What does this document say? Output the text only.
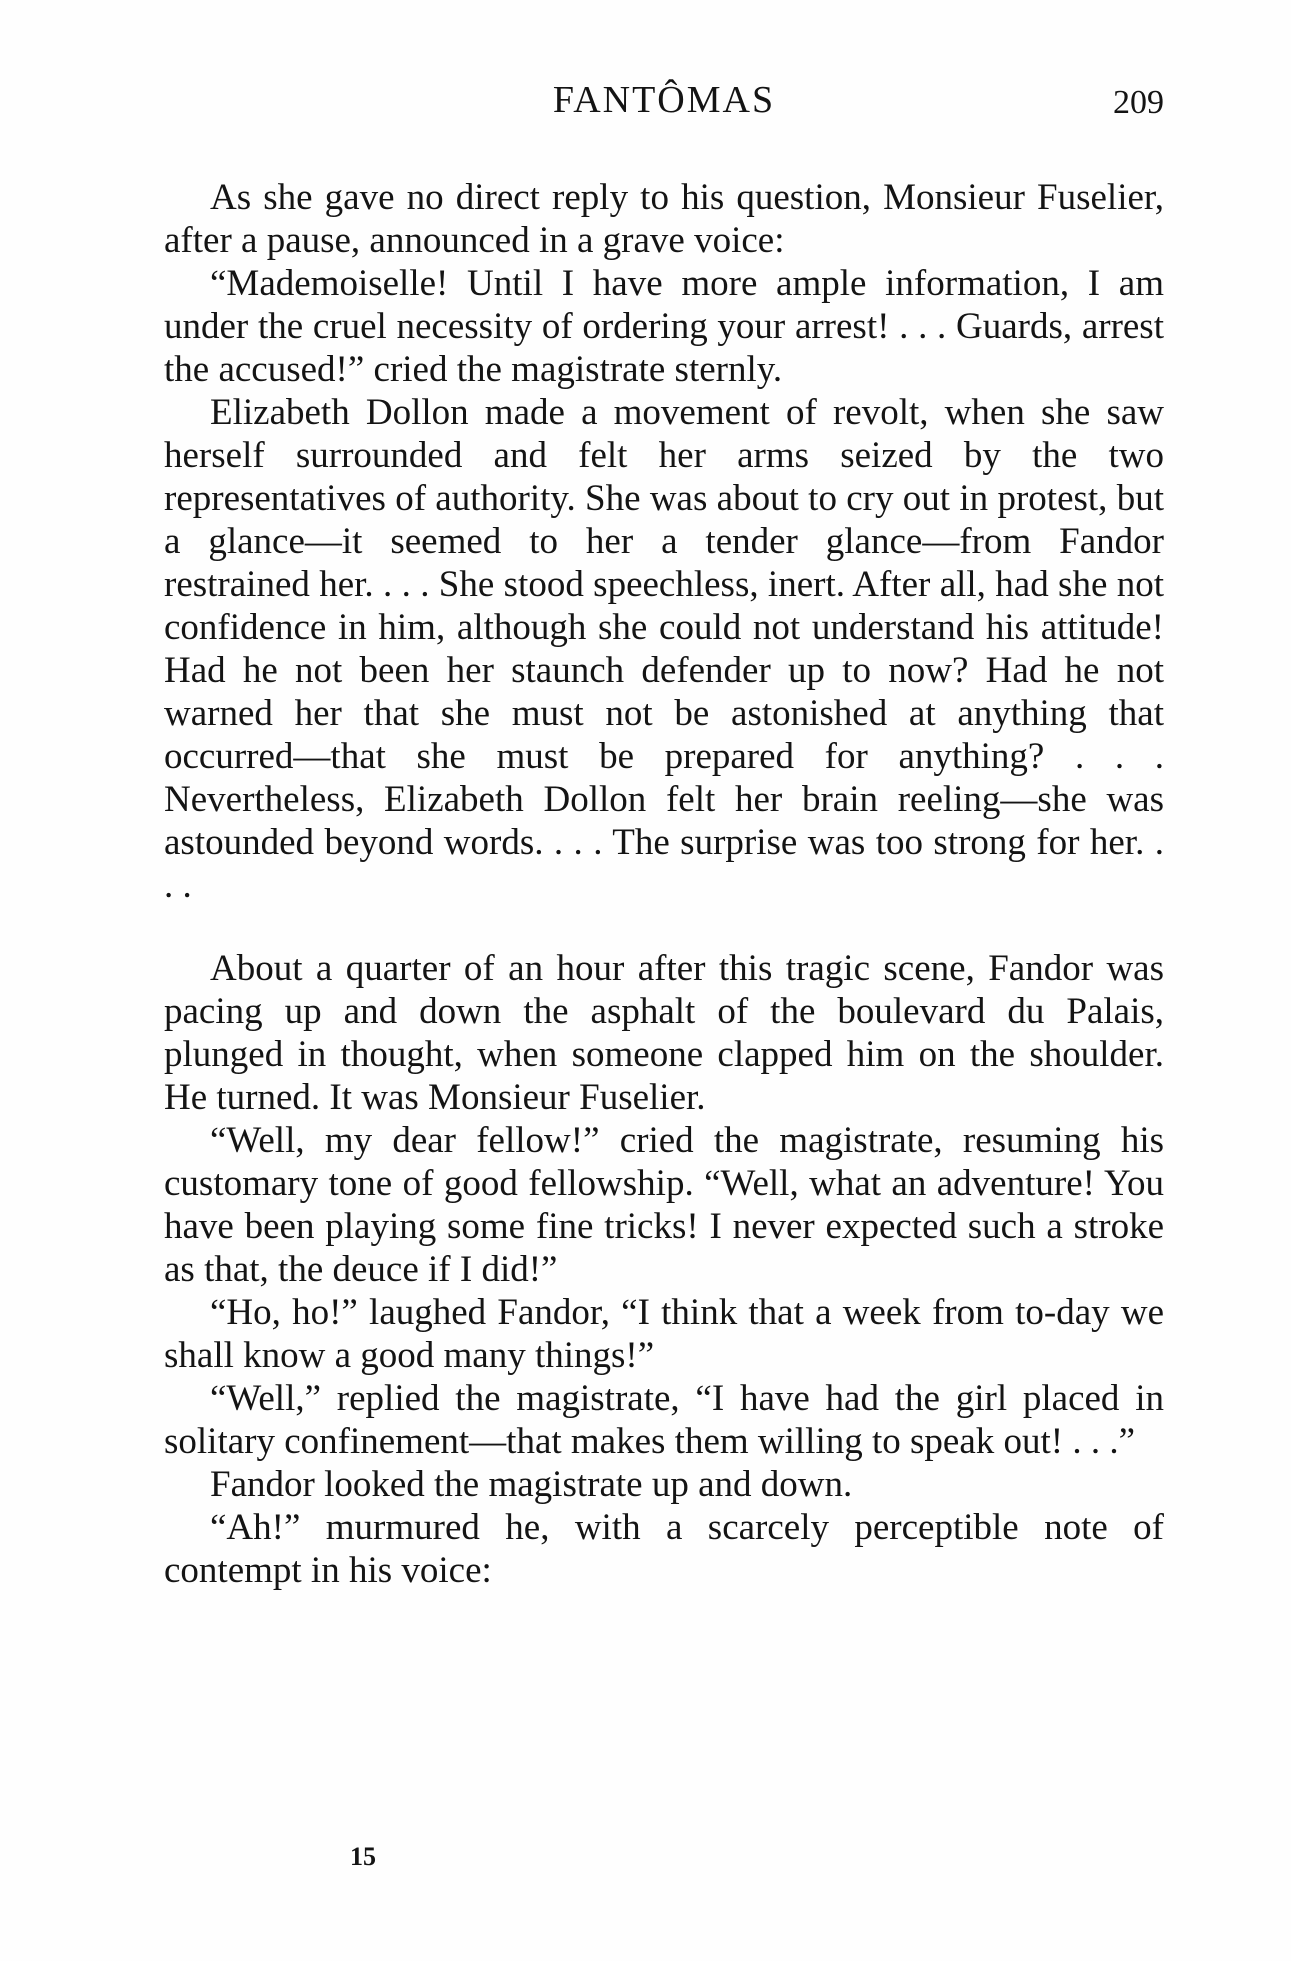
FANTÔMAS	209

As she gave no direct reply to his question, Monsieur Fuselier, after a pause, announced in a grave voice:

“Mademoiselle! Until I have more ample information, I am under the cruel necessity of ordering your arrest! . . . Guards, arrest the accused!” cried the magistrate sternly.

Elizabeth Dollon made a movement of revolt, when she saw herself surrounded and felt her arms seized by the two representatives of authority. She was about to cry out in protest, but a glance—it seemed to her a tender glance—from Fandor restrained her. . . . She stood speechless, inert. After all, had she not confidence in him, although she could not understand his attitude! Had he not been her staunch defender up to now? Had he not warned her that she must not be astonished at anything that occurred—that she must be prepared for anything? . . . Nevertheless, Elizabeth Dollon felt her brain reeling—she was astounded beyond words. . . . The surprise was too strong for her. . . .

About a quarter of an hour after this tragic scene, Fandor was pacing up and down the asphalt of the boulevard du Palais, plunged in thought, when someone clapped him on the shoulder. He turned. It was Monsieur Fuselier.

“Well, my dear fellow!” cried the magistrate, resuming his customary tone of good fellowship. “Well, what an adventure! You have been playing some fine tricks! I never expected such a stroke as that, the deuce if I did!”

“Ho, ho!” laughed Fandor, “I think that a week from to-day we shall know a good many things!”

“Well,” replied the magistrate, “I have had the girl placed in solitary confinement—that makes them willing to speak out! . . .”

Fandor looked the magistrate up and down.

“Ah!” murmured he, with a scarcely perceptible note of contempt in his voice:

15
